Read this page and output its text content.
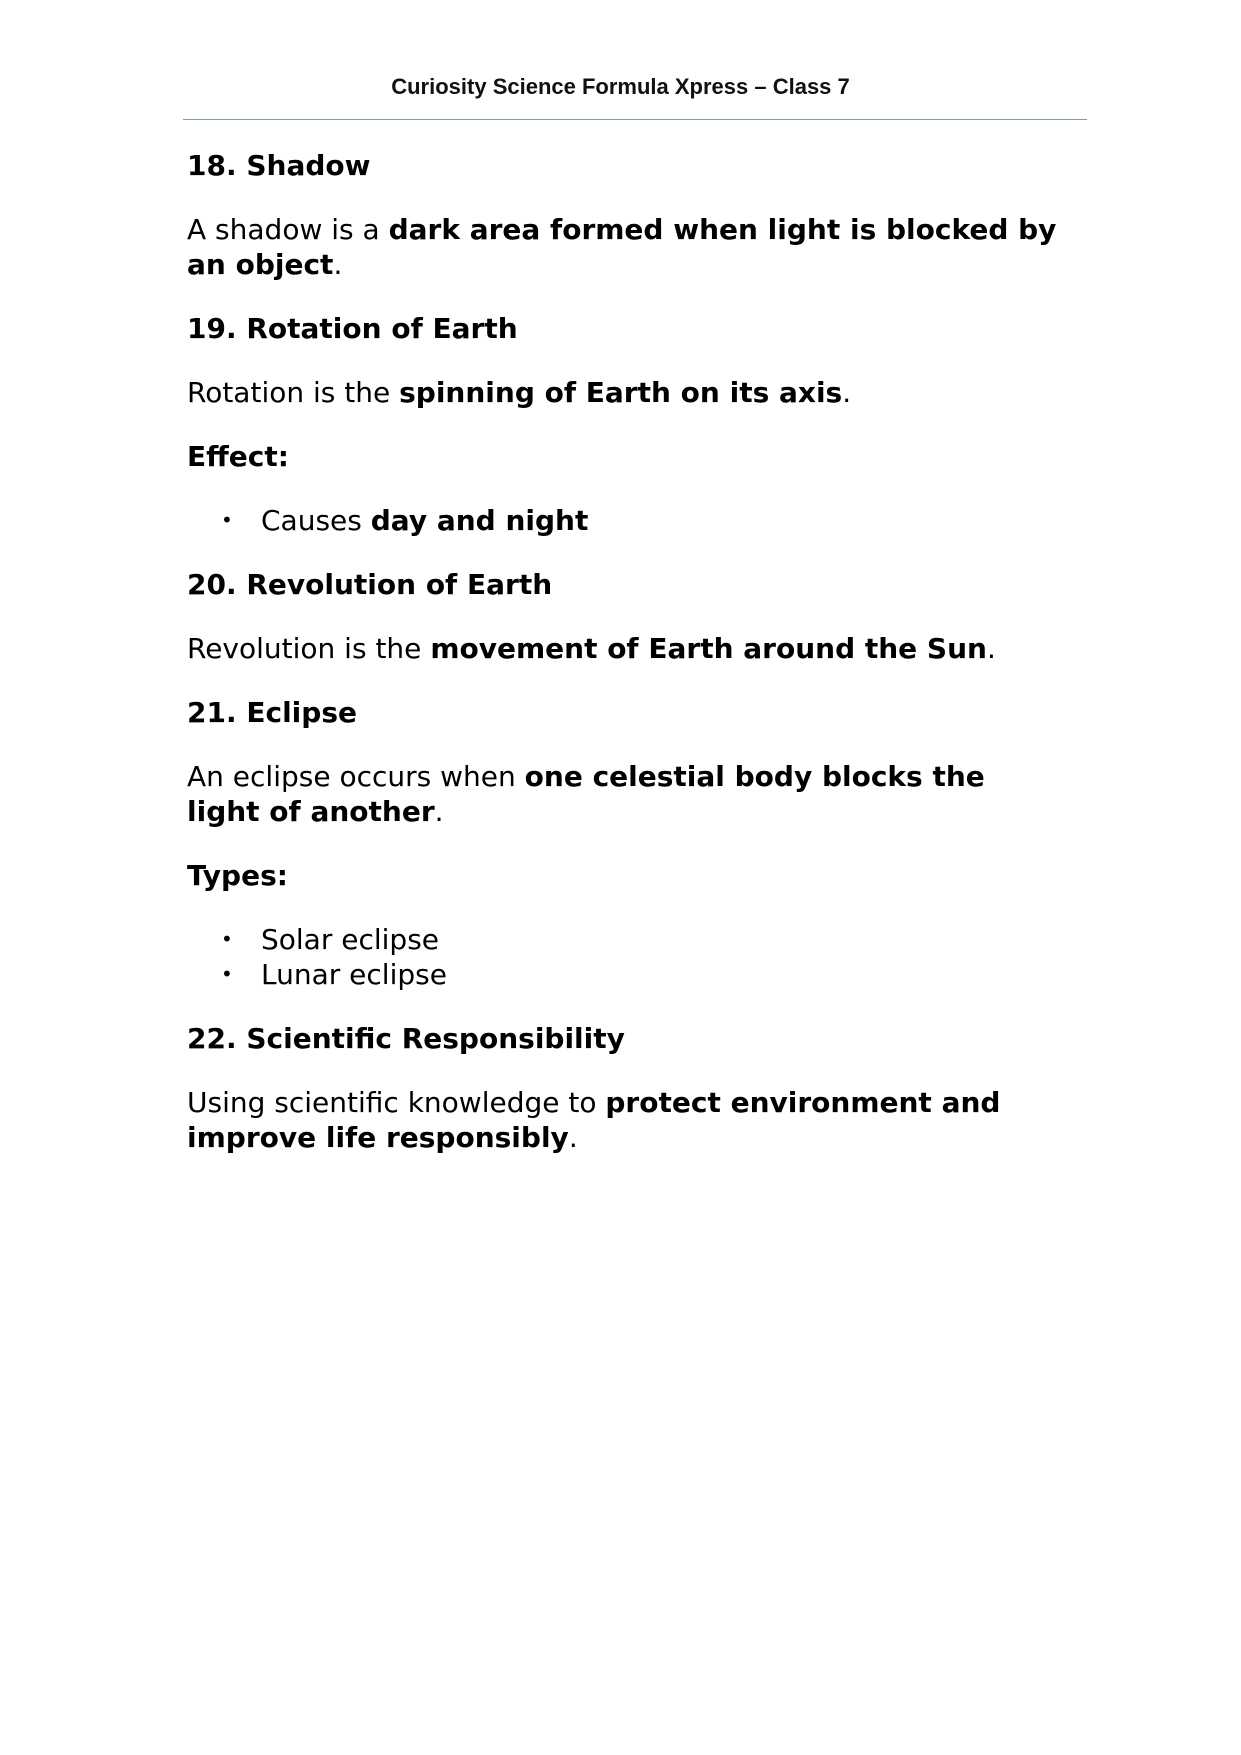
Curiosity Science Formula Xpress – Class 7
18. Shadow
A shadow is a dark area formed when light is blocked by an object.
19. Rotation of Earth
Rotation is the spinning of Earth on its axis.
Effect:
• Causes day and night
20. Revolution of Earth
Revolution is the movement of Earth around the Sun.
21. Eclipse
An eclipse occurs when one celestial body blocks the light of another.
Types:
• Solar eclipse
• Lunar eclipse
22. Scientific Responsibility
Using scientific knowledge to protect environment and improve life responsibly.
